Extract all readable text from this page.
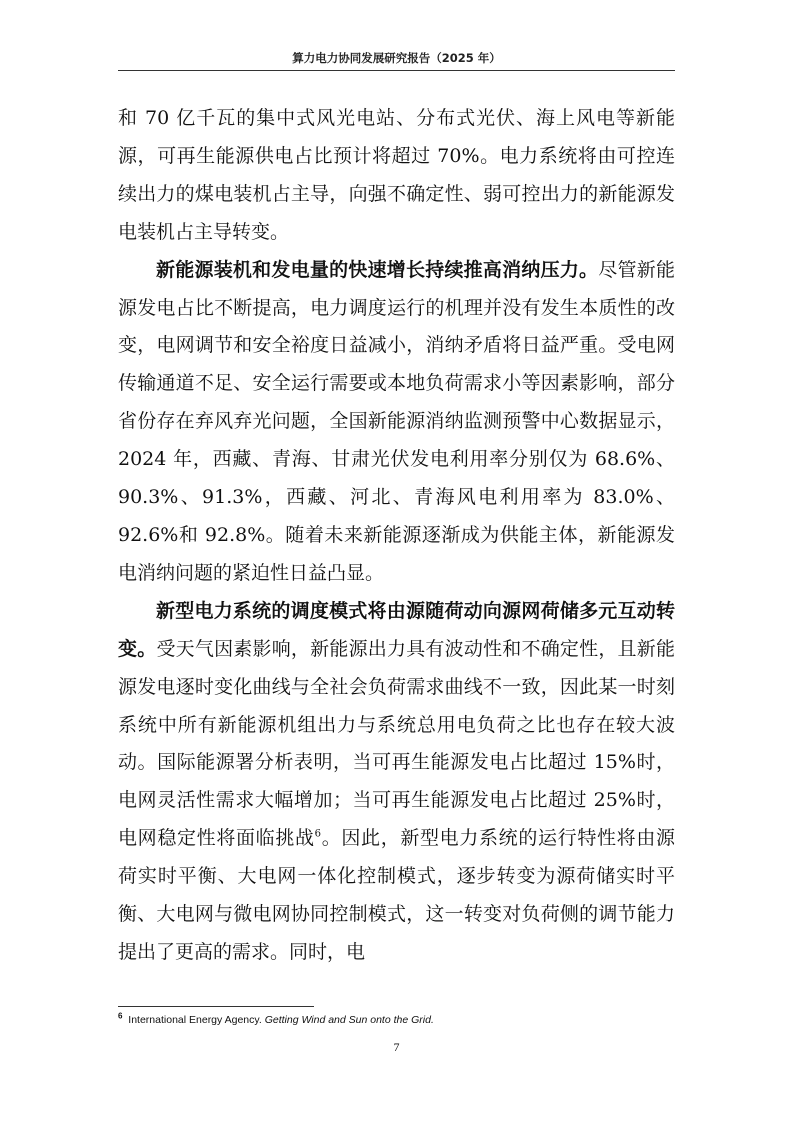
算力电力协同发展研究报告（2025 年）

和 70 亿千瓦的集中式风光电站、分布式光伏、海上风电等新能源，可再生能源供电占比预计将超过 70%。电力系统将由可控连续出力的煤电装机占主导，向强不确定性、弱可控出力的新能源发电装机占主导转变。

新能源装机和发电量的快速增长持续推高消纳压力。尽管新能源发电占比不断提高，电力调度运行的机理并没有发生本质性的改变，电网调节和安全裕度日益减小，消纳矛盾将日益严重。受电网传输通道不足、安全运行需要或本地负荷需求小等因素影响，部分省份存在弃风弃光问题，全国新能源消纳监测预警中心数据显示，2024 年，西藏、青海、甘肃光伏发电利用率分别仅为 68.6%、90.3%、91.3%，西藏、河北、青海风电利用率为 83.0%、92.6%和 92.8%。随着未来新能源逐渐成为供能主体，新能源发电消纳问题的紧迫性日益凸显。

新型电力系统的调度模式将由源随荷动向源网荷储多元互动转变。受天气因素影响，新能源出力具有波动性和不确定性，且新能源发电逐时变化曲线与全社会负荷需求曲线不一致，因此某一时刻系统中所有新能源机组出力与系统总用电负荷之比也存在较大波动。国际能源署分析表明，当可再生能源发电占比超过 15%时，电网灵活性需求大幅增加；当可再生能源发电占比超过 25%时，电网稳定性将面临挑战$^6$。因此，新型电力系统的运行特性将由源荷实时平衡、大电网一体化控制模式，逐步转变为源荷储实时平衡、大电网与微电网协同控制模式，这一转变对负荷侧的调节能力提出了更高的需求。同时，电

$^6$ International Energy Agency. Getting Wind and Sun onto the Grid.
7
